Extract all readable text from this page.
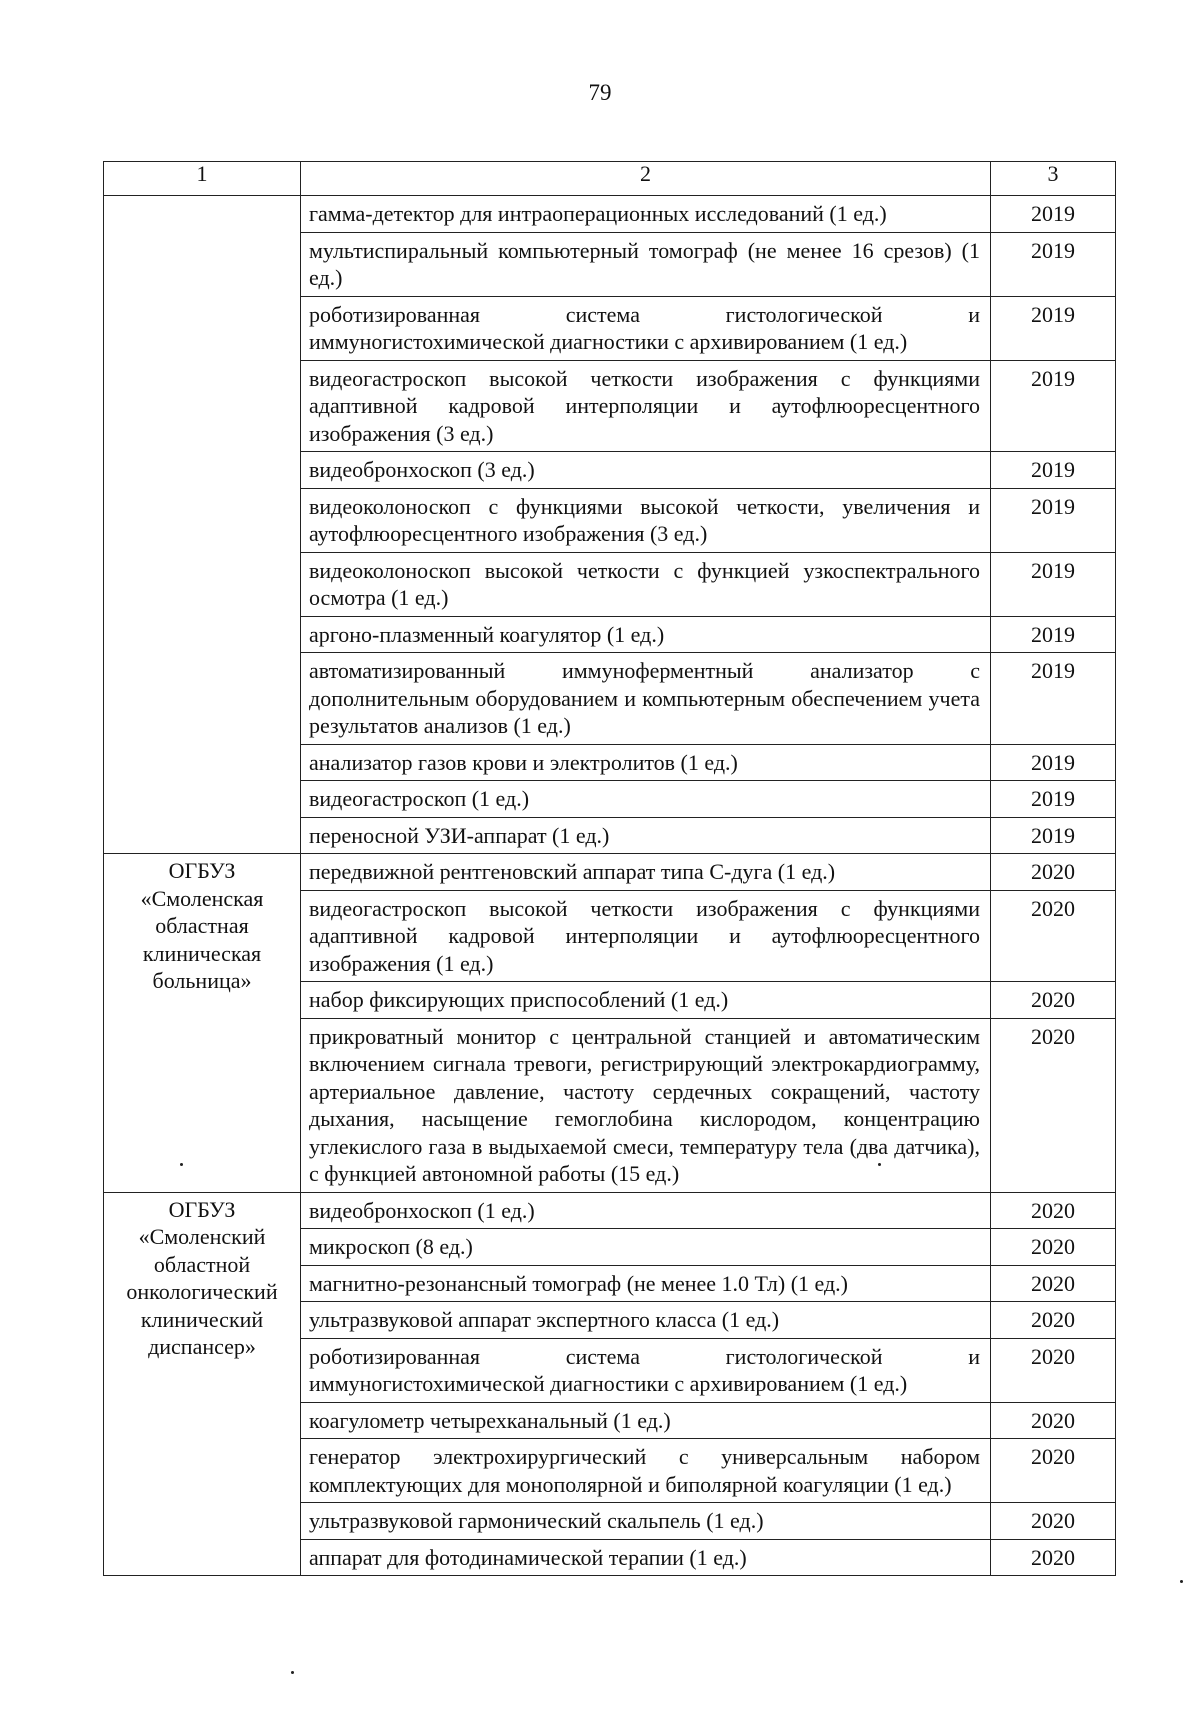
79
1	2	3
	гамма-детектор для интраоперационных исследований (1 ед.)	2019
	мультиспиральный компьютерный томограф (не менее 16 срезов) (1 ед.)	2019
	роботизированная система гистологической и иммуногистохимической диагностики с архивированием (1 ед.)	2019
	видеогастроскоп высокой четкости изображения с функциями адаптивной кадровой интерполяции и аутофлюоресцентного изображения (3 ед.)	2019
	видеобронхоскоп (3 ед.)	2019
	видеоколоноскоп с функциями высокой четкости, увеличения и аутофлюоресцентного изображения (3 ед.)	2019
	видеоколоноскоп высокой четкости с функцией узкоспектрального осмотра (1 ед.)	2019
	аргоно-плазменный коагулятор (1 ед.)	2019
	автоматизированный иммуноферментный анализатор с дополнительным оборудованием и компьютерным обеспечением учета результатов анализов (1 ед.)	2019
	анализатор газов крови и электролитов (1 ед.)	2019
	видеогастроскоп (1 ед.)	2019
	переносной УЗИ-аппарат (1 ед.)	2019
ОГБУЗ «Смоленская областная клиническая больница»	передвижной рентгеновский аппарат типа С-дуга (1 ед.)	2020
	видеогастроскоп высокой четкости изображения с функциями адаптивной кадровой интерполяции и аутофлюоресцентного изображения (1 ед.)	2020
	набор фиксирующих приспособлений (1 ед.)	2020
	прикроватный монитор с центральной станцией и автоматическим включением сигнала тревоги, регистрирующий электрокардиограмму, артериальное давление, частоту сердечных сокращений, частоту дыхания, насыщение гемоглобина кислородом, концентрацию углекислого газа в выдыхаемой смеси, температуру тела (два датчика), с функцией автономной работы (15 ед.)	2020
ОГБУЗ «Смоленский областной онкологический клинический диспансер»	видеобронхоскоп (1 ед.)	2020
	микроскоп (8 ед.)	2020
	магнитно-резонансный томограф (не менее 1.0 Тл) (1 ед.)	2020
	ультразвуковой аппарат экспертного класса (1 ед.)	2020
	роботизированная система гистологической и иммуногистохимической диагностики с архивированием (1 ед.)	2020
	коагулометр четырехканальный (1 ед.)	2020
	генератор электрохирургический с универсальным набором комплектующих для монополярной и биполярной коагуляции (1 ед.)	2020
	ультразвуковой гармонический скальпель (1 ед.)	2020
	аппарат для фотодинамической терапии (1 ед.)	2020
